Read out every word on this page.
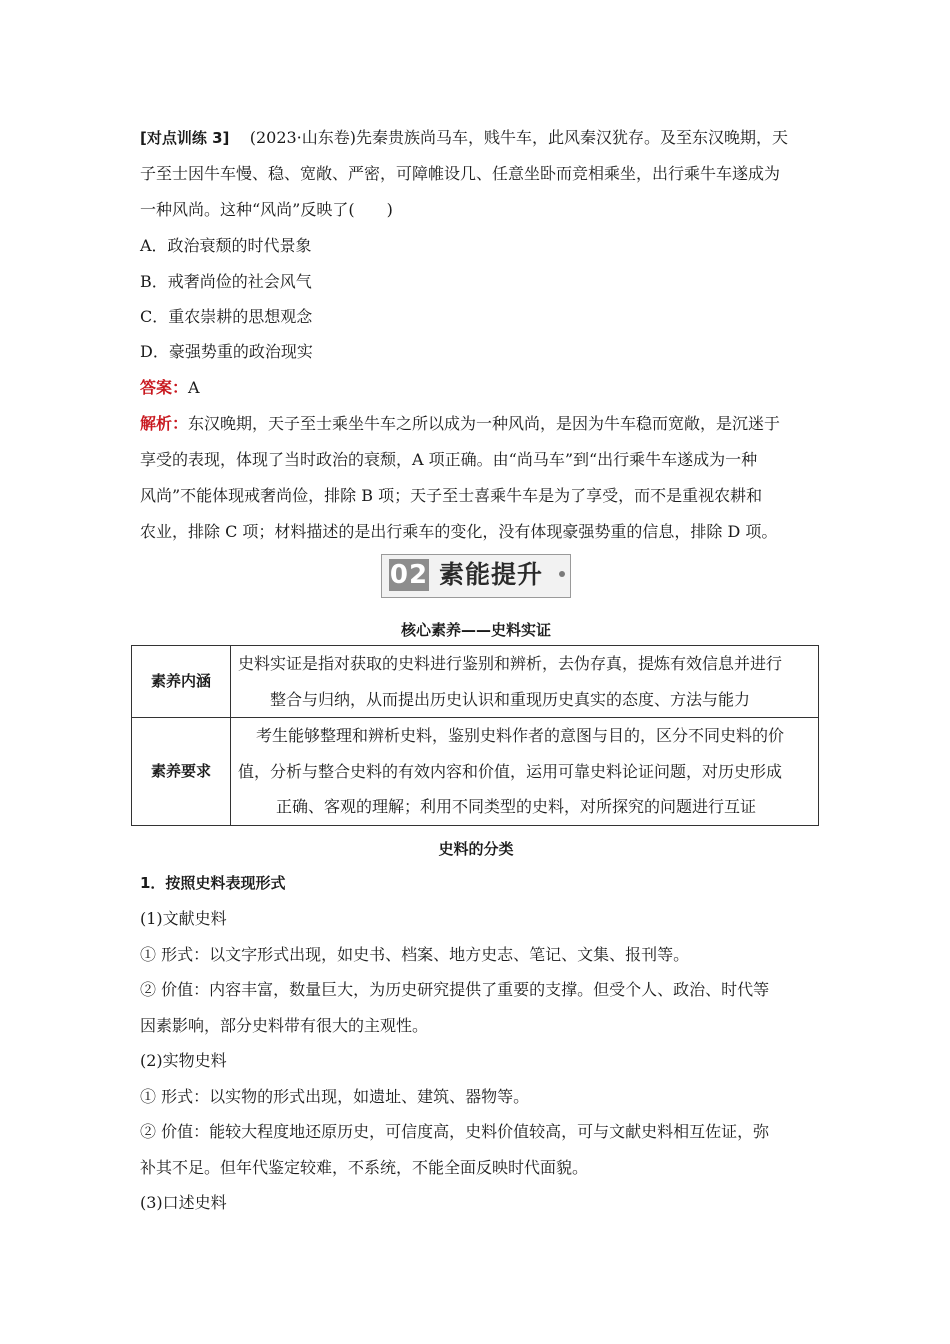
[对点训练 3] (2023·山东卷)先秦贵族尚马车，贱牛车，此风秦汉犹存。及至东汉晚期，天

子至士因牛车慢、稳、宽敞、严密，可障帷设几、任意坐卧而竞相乘坐，出行乘牛车遂成为

一种风尚。这种“风尚”反映了(　　)

A．政治衰颓的时代景象

B．戒奢尚俭的社会风气

C．重农崇耕的思想观念

D．豪强势重的政治现实

答案：A

解析：东汉晚期，天子至士乘坐牛车之所以成为一种风尚，是因为牛车稳而宽敞，是沉迷于

享受的表现，体现了当时政治的衰颓，A 项正确。由“尚马车”到“出行乘牛车遂成为一种

风尚”不能体现戒奢尚俭，排除 B 项；天子至士喜乘牛车是为了享受，而不是重视农耕和

农业，排除 C 项；材料描述的是出行乘车的变化，没有体现豪强势重的信息，排除 D 项。

02 素能提升

核心素养——史料实证

素养内涵	史料实证是指对获取的史料进行鉴别和辨析，去伪存真，提炼有效信息并进行
整合与归纳，从而提出历史认识和重现历史真实的态度、方法与能力

素养要求	考生能够整理和辨析史料，鉴别史料作者的意图与目的，区分不同史料的价
值，分析与整合史料的有效内容和价值，运用可靠史料论证问题，对历史形成
正确、客观的理解；利用不同类型的史料，对所探究的问题进行互证

史料的分类

1．按照史料表现形式

(1)文献史料

① 形式：以文字形式出现，如史书、档案、地方史志、笔记、文集、报刊等。

② 价值：内容丰富，数量巨大，为历史研究提供了重要的支撑。但受个人、政治、时代等

因素影响，部分史料带有很大的主观性。

(2)实物史料

① 形式：以实物的形式出现，如遗址、建筑、器物等。

② 价值：能较大程度地还原历史，可信度高，史料价值较高，可与文献史料相互佐证，弥

补其不足。但年代鉴定较难，不系统，不能全面反映时代面貌。

(3)口述史料
